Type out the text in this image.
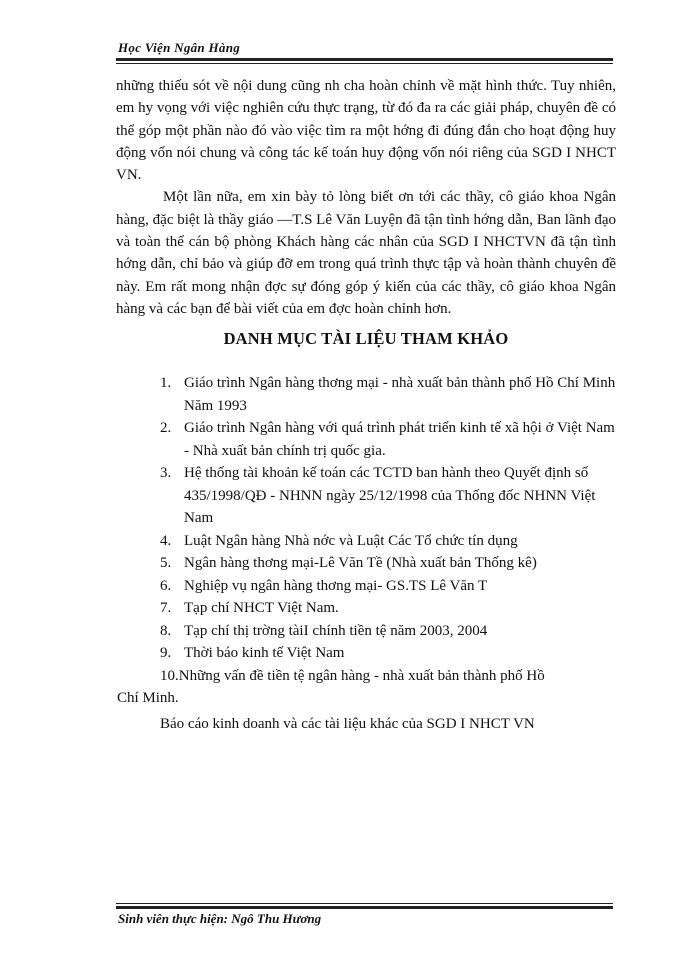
Học Viện Ngân Hàng

những thiếu sót về nội dung cũng nh cha hoàn chỉnh về mặt hình thức. Tuy nhiên, em hy vọng với việc nghiên cứu thực trạng, từ đó đa ra các giải pháp, chuyên đề có thể góp một phần nào đó vào việc tìm ra một hớng đi đúng đắn cho hoạt động huy động vốn nói chung và công tác kế toán huy động vốn nói riêng của SGD I NHCT VN.

Một lần nữa, em xin bày tỏ lòng biết ơn tới các thầy, cô giáo khoa Ngân hàng, đặc biệt là thầy giáo —T.S Lê Văn Luyện đã tận tình hớng dẫn, Ban lãnh đạo và toàn thể cán bộ phòng Khách hàng các nhân của SGD I NHCTVN đã tận tình hớng dẫn, chỉ bảo và giúp đỡ em trong quá trình thực tập và hoàn thành chuyên đề này. Em rất mong nhận đợc sự đóng góp ý kiến của các thầy, cô giáo khoa Ngân hàng và các bạn để bài viết của em đợc hoàn chỉnh hơn.

DANH MỤC TÀI LIỆU THAM KHẢO
1. Giáo trình Ngân hàng thơng mại - nhà xuất bản thành phố Hồ Chí Minh Năm 1993
2. Giáo trình Ngân hàng với quá trình phát triển kinh tế xã hội ở Việt Nam - Nhà xuất bản chính trị quốc gia.
3. Hệ thống tài khoản kế toán các TCTD ban hành theo Quyết định số 435/1998/QĐ - NHNN ngày 25/12/1998 của Thống đốc NHNN Việt Nam
4. Luật Ngân hàng Nhà nớc và Luật Các Tổ chức tín dụng
5. Ngân hàng thơng mại-Lê Văn Tề (Nhà xuất bản Thống kê)
6. Nghiệp vụ ngân hàng thơng mại- GS.TS Lê Văn T
7. Tạp chí NHCT Việt Nam.
8. Tạp chí thị trờng tàiI chính tiền tệ năm 2003, 2004
9. Thời báo kinh tế Việt Nam
10.Những vấn đề tiền tệ ngân hàng - nhà xuất bản thành phố Hồ
Chí Minh.
Báo cáo kinh doanh và các tài liệu khác của SGD I NHCT VN
Sinh viên thực hiện: Ngô Thu Hương
